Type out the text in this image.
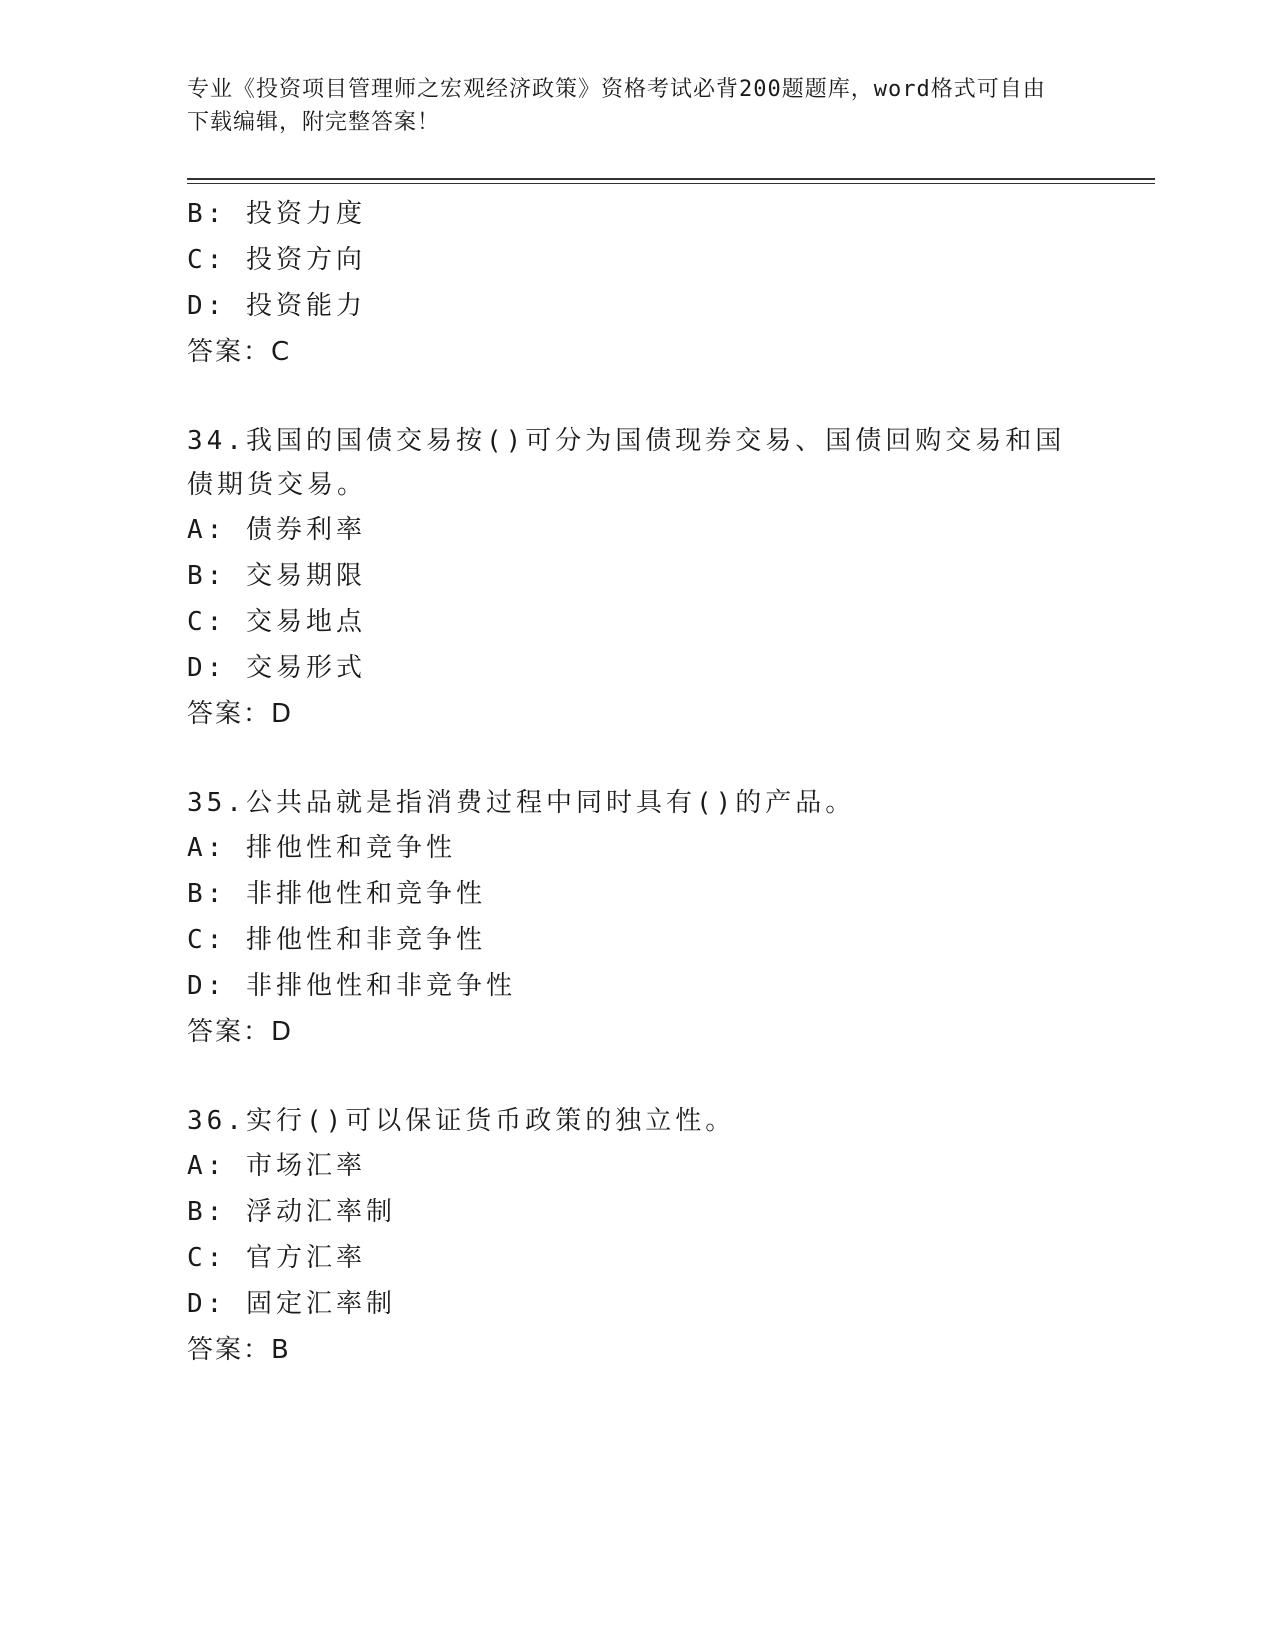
专业《投资项目管理师之宏观经济政策》资格考试必背200题题库，word格式可自由下载编辑，附完整答案！
B: 投资力度
C: 投资方向
D: 投资能力
答案：C
34.我国的国债交易按()可分为国债现券交易、国债回购交易和国债期货交易。
A: 债券利率
B: 交易期限
C: 交易地点
D: 交易形式
答案：D
35.公共品就是指消费过程中同时具有()的产品。
A: 排他性和竞争性
B: 非排他性和竞争性
C: 排他性和非竞争性
D: 非排他性和非竞争性
答案：D
36.实行()可以保证货币政策的独立性。
A: 市场汇率
B: 浮动汇率制
C: 官方汇率
D: 固定汇率制
答案：B
